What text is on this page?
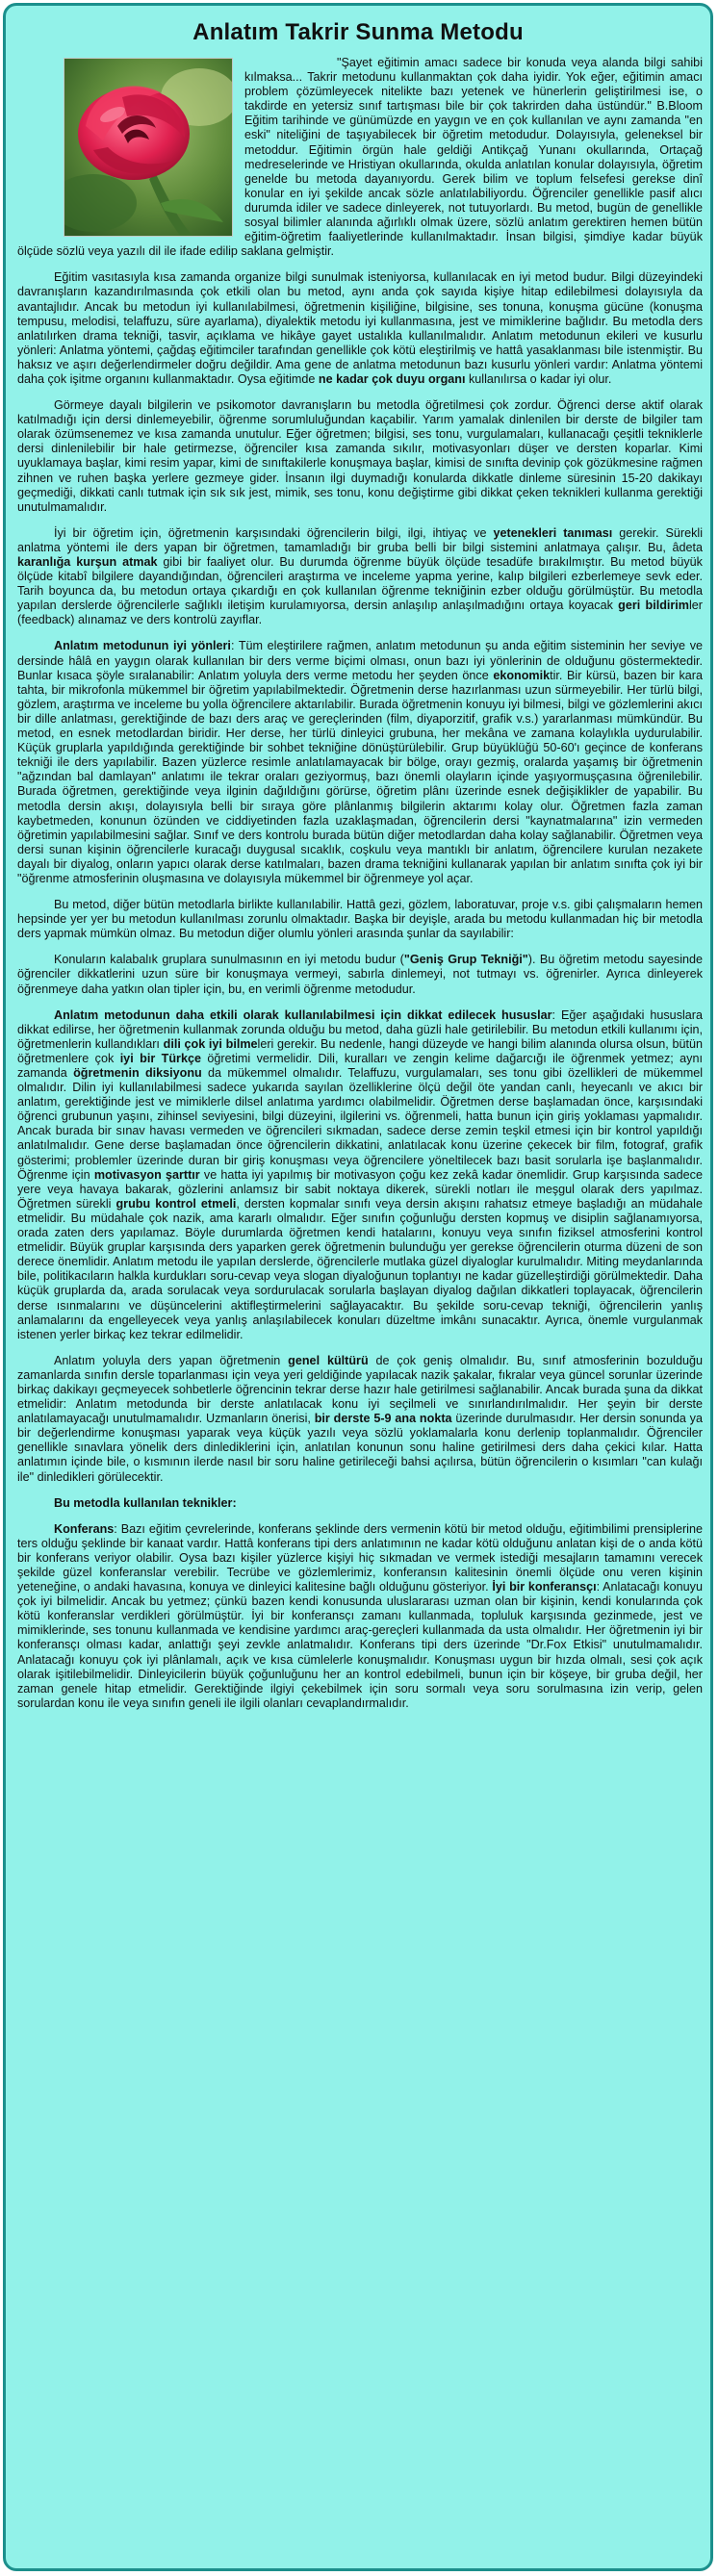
Anlatım Takrir Sunma Metodu

"Şayet eğitimin amacı sadece bir konuda veya alanda bilgi sahibi kılmaksa... Takrir metodunu kullanmaktan çok daha iyidir. Yok eğer, eğitimin amacı problem çözümleyecek nitelikte bazı yetenek ve hünerlerin geliştirilmesi ise, o takdirde en yetersiz sınıf tartışması bile bir çok takrirden daha üstündür." B.Bloom Eğitim tarihinde ve günümüzde en yaygın ve en çok kullanılan ve aynı zamanda "en eski" niteliğini de taşıyabilecek bir öğretim metodudur. Dolayısıyla, geleneksel bir metoddur. Eğitimin örgün hale geldiği Antikçağ Yunanı okullarında, Ortaçağ medreselerinde ve Hristiyan okullarında, okulda anlatılan konular dolayısıyla, öğretim genelde bu metoda dayanıyordu. Gerek bilim ve toplum felsefesi gerekse dinî konular en iyi şekilde ancak sözle anlatılabiliyordu. Öğrenciler genellikle pasif alıcı durumda idiler ve sadece dinleyerek, not tutuyorlardı. Bu metod, bugün de genellikle sosyal bilimler alanında ağırlıklı olmak üzere, sözlü anlatım gerektiren hemen bütün eğitim-öğretim faaliyetlerinde kullanılmaktadır. İnsan bilgisi, şimdiye kadar büyük ölçüde sözlü veya yazılı dil ile ifade edilip saklana gelmiştir.

Eğitim vasıtasıyla kısa zamanda organize bilgi sunulmak isteniyorsa, kullanılacak en iyi metod budur. Bilgi düzeyindeki davranışların kazandırılmasında çok etkili olan bu metod, aynı anda çok sayıda kişiye hitap edilebilmesi dolayısıyla da avantajlıdır. Ancak bu metodun iyi kullanılabilmesi, öğretmenin kişiliğine, bilgisine, ses tonuna, konuşma gücüne (konuşma tempusu, melodisi, telaffuzu, süre ayarlama), diyalektik metodu iyi kullanmasına, jest ve mimiklerine bağlıdır. Bu metodla ders anlatılırken drama tekniği, tasvir, açıklama ve hikâye gayet ustalıkla kullanılmalıdır. Anlatım metodunun ekileri ve kusurlu yönleri: Anlatma yöntemi, çağdaş eğitimciler tarafından genellikle çok kötü eleştirilmiş ve hattâ yasaklanması bile istenmiştir. Bu haksız ve aşırı değerlendirmeler doğru değildir. Ama gene de anlatma metodunun bazı kusurlu yönleri vardır: Anlatma yöntemi daha çok işitme organını kullanmaktadır. Oysa eğitimde ne kadar çok duyu organı kullanılırsa o kadar iyi olur.

Görmeye dayalı bilgilerin ve psikomotor davranışların bu metodla öğretilmesi çok zordur. Öğrenci derse aktif olarak katılmadığı için dersi dinlemeyebilir, öğrenme sorumluluğundan kaçabilir. Yarım yamalak dinlenilen bir derste de bilgiler tam olarak özümsenemez ve kısa zamanda unutulur. Eğer öğretmen; bilgisi, ses tonu, vurgulamaları, kullanacağı çeşitli tekniklerle dersi dinlenilebilir bir hale getirmezse, öğrenciler kısa zamanda sıkılır, motivasyonları düşer ve dersten koparlar. Kimi uyuklamaya başlar, kimi resim yapar, kimi de sınıftakilerle konuşmaya başlar, kimisi de sınıfta devinip çok gözükmesine rağmen zihnen ve ruhen başka yerlere gezmeye gider. İnsanın ilgi duymadığı konularda dikkatle dinleme süresinin 15-20 dakikayı geçmediği, dikkati canlı tutmak için sık sık jest, mimik, ses tonu, konu değiştirme gibi dikkat çeken teknikleri kullanma gerektiği unutulmamalıdır.

İyi bir öğretim için, öğretmenin karşısındaki öğrencilerin bilgi, ilgi, ihtiyaç ve yetenekleri tanıması gerekir. Sürekli anlatma yöntemi ile ders yapan bir öğretmen, tamamladığı bir gruba belli bir bilgi sistemini anlatmaya çalışır. Bu, âdeta karanlığa kurşun atmak gibi bir faaliyet olur. Bu durumda öğrenme büyük ölçüde tesadüfe bırakılmıştır. Bu metod büyük ölçüde kitabî bilgilere dayandığından, öğrencileri araştırma ve inceleme yapma yerine, kalıp bilgileri ezberlemeye sevk eder. Tarih boyunca da, bu metodun ortaya çıkardığı en çok kullanılan öğrenme tekniğinin ezber olduğu görülmüştür. Bu metodla yapılan derslerde öğrencilerle sağlıklı iletişim kurulamıyorsa, dersin anlaşılıp anlaşılmadığını ortaya koyacak geri bildirimler (feedback) alınamaz ve ders kontrolü zayıflar.

Anlatım metodunun iyi yönleri: Tüm eleştirilere rağmen, anlatım metodunun şu anda eğitim sisteminin her seviye ve dersinde hâlâ en yaygın olarak kullanılan bir ders verme biçimi olması, onun bazı iyi yönlerinin de olduğunu göstermektedir. Bunlar kısaca şöyle sıralanabilir: Anlatım yoluyla ders verme metodu her şeyden önce ekonomiktir. Bir kürsü, bazen bir kara tahta, bir mikrofonla mükemmel bir öğretim yapılabilmektedir. Öğretmenin derse hazırlanması uzun sürmeyebilir. Her türlü bilgi, gözlem, araştırma ve inceleme bu yolla öğrencilere aktarılabilir. Burada öğretmenin konuyu iyi bilmesi, bilgi ve gözlemlerini akıcı bir dille anlatması, gerektiğinde de bazı ders araç ve gereçlerinden (film, diyaporzitif, grafik v.s.) yararlanması mümkündür. Bu metod, en esnek metodlardan biridir. Her derse, her türlü dinleyici grubuna, her mekâna ve zamana kolaylıkla uydurulabilir. Küçük gruplarla yapıldığında gerektiğinde bir sohbet tekniğine dönüştürülebilir. Grup büyüklüğü 50-60'ı geçince de konferans tekniği ile ders yapılabilir. Bazen yüzlerce resimle anlatılamayacak bir bölge, orayı gezmiş, oralarda yaşamış bir öğretmenin "ağzından bal damlayan" anlatımı ile tekrar oraları geziyormuş, bazı önemli olayların içinde yaşıyormuşçasına öğrenilebilir. Burada öğretmen, gerektiğinde veya ilginin dağıldığını görürse, öğretim plânı üzerinde esnek değişiklikler de yapabilir. Bu metodla dersin akışı, dolayısıyla belli bir sıraya göre plânlanmış bilgilerin aktarımı kolay olur. Öğretmen fazla zaman kaybetmeden, konunun özünden ve ciddiyetinden fazla uzaklaşmadan, öğrencilerin dersi "kaynatmalarına" izin vermeden öğretimin yapılabilmesini sağlar. Sınıf ve ders kontrolu burada bütün diğer metodlardan daha kolay sağlanabilir. Öğretmen veya dersi sunan kişinin öğrencilerle kuracağı duygusal sıcaklık, coşkulu veya mantıklı bir anlatım, öğrencilere kurulan nezakete dayalı bir diyalog, onların yapıcı olarak derse katılmaları, bazen drama tekniğini kullanarak yapılan bir anlatım sınıfta çok iyi bir "öğrenme atmosferinin oluşmasına ve dolayısıyla mükemmel bir öğrenmeye yol açar.

Bu metod, diğer bütün metodlarla birlikte kullanılabilir. Hattâ gezi, gözlem, laboratuvar, proje v.s. gibi çalışmaların hemen hepsinde yer yer bu metodun kullanılması zorunlu olmaktadır. Başka bir deyişle, arada bu metodu kullanmadan hiç bir metodla ders yapmak mümkün olmaz. Bu metodun diğer olumlu yönleri arasında şunlar da sayılabilir:

Konuların kalabalık gruplara sunulmasının en iyi metodu budur ("Geniş Grup Tekniği"). Bu öğretim metodu sayesinde öğrenciler dikkatlerini uzun süre bir konuşmaya vermeyi, sabırla dinlemeyi, not tutmayı vs. öğrenirler. Ayrıca dinleyerek öğrenmeye daha yatkın olan tipler için, bu, en verimli öğrenme metodudur.

Anlatım metodunun daha etkili olarak kullanılabilmesi için dikkat edilecek hususlar: Eğer aşağıdaki hususlara dikkat edilirse, her öğretmenin kullanmak zorunda olduğu bu metod, daha güzli hale getirilebilir. Bu metodun etkili kullanımı için, öğretmenlerin kullandıkları dili çok iyi bilmeleri gerekir. Bu nedenle, hangi düzeyde ve hangi bilim alanında olursa olsun, bütün öğretmenlere çok iyi bir Türkçe öğretimi vermelidir. Dili, kuralları ve zengin kelime dağarcığı ile öğrenmek yetmez; aynı zamanda öğretmenin diksiyonu da mükemmel olmalıdır. Telaffuzu, vurgulamaları, ses tonu gibi özellikleri de mükemmel olmalıdır. Dilin iyi kullanılabilmesi sadece yukarıda sayılan özelliklerine ölçü değil öte yandan canlı, heyecanlı ve akıcı bir anlatım, gerektiğinde jest ve mimiklerle dilsel anlatıma yardımcı olabilmelidir. Öğretmen derse başlamadan önce, karşısındaki öğrenci grubunun yaşını, zihinsel seviyesini, bilgi düzeyini, ilgilerini vs. öğrenmeli, hatta bunun için giriş yoklaması yapmalıdır. Ancak burada bir sınav havası vermeden ve öğrencileri sıkmadan, sadece derse zemin teşkil etmesi için bir kontrol yapıldığı anlatılmalıdır. Gene derse başlamadan önce öğrencilerin dikkatini, anlatılacak konu üzerine çekecek bir film, fotograf, grafik gösterimi; problemler üzerinde duran bir giriş konuşması veya öğrencilere yöneltilecek bazı basit sorularla işe başlanmalıdır. Öğrenme için motivasyon şarttır ve hatta iyi yapılmış bir motivasyon çoğu kez zekâ kadar önemlidir. Grup karşısında sadece yere veya havaya bakarak, gözlerini anlamsız bir sabit noktaya dikerek, sürekli notları ile meşgul olarak ders yapılmaz. Öğretmen sürekli grubu kontrol etmeli, dersten kopmalar sınıfı veya dersin akışını rahatsız etmeye başladığı an müdahale etmelidir. Bu müdahale çok nazik, ama kararlı olmalıdır. Eğer sınıfın çoğunluğu dersten kopmuş ve disiplin sağlanamıyorsa, orada zaten ders yapılamaz. Böyle durumlarda öğretmen kendi hatalarını, konuyu veya sınıfın fiziksel atmosferini kontrol etmelidir. Büyük gruplar karşısında ders yaparken gerek öğretmenin bulunduğu yer gerekse öğrencilerin oturma düzeni de son derece önemlidir. Anlatım metodu ile yapılan derslerde, öğrencilerle mutlaka güzel diyaloglar kurulmalıdır. Miting meydanlarında bile, politikacıların halkla kurdukları soru-cevap veya slogan diyaloğunun toplantıyı ne kadar güzelleştirdiği görülmektedir. Daha küçük gruplarda da, arada sorulacak veya sordurulacak sorularla başlayan diyalog dağılan dikkatleri toplayacak, öğrencilerin derse ısınmalarını ve düşüncelerini aktifleştirmelerini sağlayacaktır. Bu şekilde soru-cevap tekniği, öğrencilerin yanlış anlamalarını da engelleyecek veya yanlış anlaşılabilecek konuları düzeltme imkânı sunacaktır. Ayrıca, önemle vurgulanmak istenen yerler birkaç kez tekrar edilmelidir.

Anlatım yoluyla ders yapan öğretmenin genel kültürü de çok geniş olmalıdır. Bu, sınıf atmosferinin bozulduğu zamanlarda sınıfın dersle toparlanması için veya yeri geldiğinde yapılacak nazik şakalar, fıkralar veya güncel sorunlar üzerinde birkaç dakikayı geçmeyecek sohbetlerle öğrencinin tekrar derse hazır hale getirilmesi sağlanabilir. Ancak burada şuna da dikkat etmelidir: Anlatım metodunda bir derste anlatılacak konu iyi seçilmeli ve sınırlandırılmalıdır. Her şeyin bir derste anlatılamayacağı unutulmamalıdır. Uzmanların önerisi, bir derste 5-9 ana nokta üzerinde durulmasıdır. Her dersin sonunda ya bir değerlendirme konuşması yaparak veya küçük yazılı veya sözlü yoklamalarla konu derlenip toplanmalıdır. Öğrenciler genellikle sınavlara yönelik ders dinlediklerini için, anlatılan konunun sonu haline getirilmesi ders daha çekici kılar. Hatta anlatımın içinde bile, o kısmının ilerde nasıl bir soru haline getirileceği bahsi açılırsa, bütün öğrencilerin o kısımları "can kulağı ile" dinledikleri görülecektir.

Bu metodla kullanılan teknikler:

Konferans: Bazı eğitim çevrelerinde, konferans şeklinde ders vermenin kötü bir metod olduğu, eğitimbilimi prensiplerine ters olduğu şeklinde bir kanaat vardır. Hattâ konferans tipi ders anlatımının ne kadar kötü olduğunu anlatan kişi de o anda kötü bir konferans veriyor olabilir. Oysa bazı kişiler yüzlerce kişiyi hiç sıkmadan ve vermek istediği mesajların tamamını verecek şekilde güzel konferanslar verebilir. Tecrübe ve gözlemlerimiz, konferansın kalitesinin önemli ölçüde onu veren kişinin yeteneğine, o andaki havasına, konuya ve dinleyici kalitesine bağlı olduğunu gösteriyor. İyi bir konferansçı: Anlatacağı konuyu çok iyi bilmelidir. Ancak bu yetmez; çünkü bazen kendi konusunda uluslararası uzman olan bir kişinin, kendi konularında çok kötü konferanslar verdikleri görülmüştür. İyi bir konferansçı zamanı kullanmada, topluluk karşısında gezinmede, jest ve mimiklerinde, ses tonunu kullanmada ve kendisine yardımcı araç-gereçleri kullanmada da usta olmalıdır. Her öğretmenin iyi bir konferansçı olması kadar, anlattığı şeyi zevkle anlatmalıdır. Konferans tipi ders üzerinde "Dr.Fox Etkisi" unutulmamalıdır. Anlatacağı konuyu çok iyi plânlamalı, açık ve kısa cümlelerle konuşmalıdır. Konuşması uygun bir hızda olmalı, sesi çok açık olarak işitilebilmelidir. Dinleyicilerin büyük çoğunluğunu her an kontrol edebilmeli, bunun için bir köşeye, bir gruba değil, her zaman genele hitap etmelidir. Gerektiğinde ilgiyi çekebilmek için soru sormalı veya soru sorulmasına izin verip, gelen sorulardan konu ile veya sınıfın geneli ile ilgili olanları cevaplandırmalıdır.
